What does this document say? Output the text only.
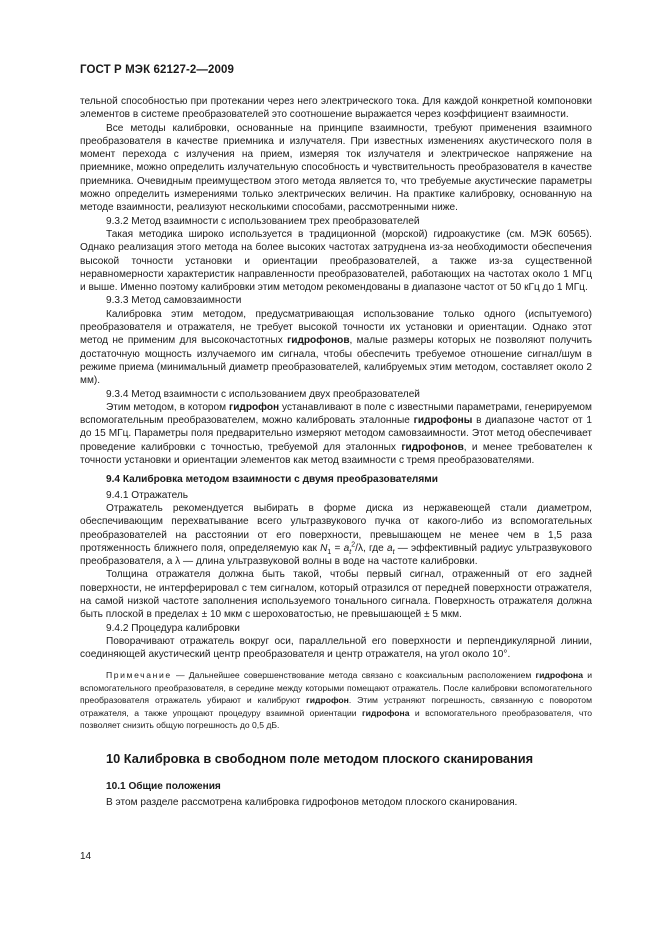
ГОСТ Р МЭК 62127-2—2009

тельной способностью при протекании через него электрического тока. Для каждой конкретной компоновки элементов в системе преобразователей это соотношение выражается через коэффициент взаимности.

Все методы калибровки, основанные на принципе взаимности, требуют применения взаимного преобразователя в качестве приемника и излучателя. При известных изменениях акустического поля в момент перехода с излучения на прием, измеряя ток излучателя и электрическое напряжение на приемнике, можно определить излучательную способность и чувствительность преобразователя в качестве приемника. Очевидным преимуществом этого метода является то, что требуемые акустические параметры можно определить измерениями только электрических величин. На практике калибровку, основанную на методе взаимности, реализуют несколькими способами, рассмотренными ниже.

9.3.2 Метод взаимности с использованием трех преобразователей

Такая методика широко используется в традиционной (морской) гидроакустике (см. МЭК 60565). Однако реализация этого метода на более высоких частотах затруднена из-за необходимости обеспечения высокой точности установки и ориентации преобразователей, а также из-за существенной неравномерности характеристик направленности преобразователей, работающих на частотах около 1 МГц и выше. Именно поэтому калибровки этим методом рекомендованы в диапазоне частот от 50 кГц до 1 МГц.

9.3.3 Метод самовзаимности

Калибровка этим методом, предусматривающая использование только одного (испытуемого) преобразователя и отражателя, не требует высокой точности их установки и ориентации. Однако этот метод не применим для высокочастотных гидрофонов, малые размеры которых не позволяют получить достаточную мощность излучаемого им сигнала, чтобы обеспечить требуемое отношение сигнал/шум в режиме приема (минимальный диаметр преобразователей, калибруемых этим методом, составляет около 2 мм).

9.3.4 Метод взаимности с использованием двух преобразователей

Этим методом, в котором гидрофон устанавливают в поле с известными параметрами, генерируемом вспомогательным преобразователем, можно калибровать эталонные гидрофоны в диапазоне частот от 1 до 15 МГц. Параметры поля предварительно измеряют методом самовзаимности. Этот метод обеспечивает проведение калибровки с точностью, требуемой для эталонных гидрофонов, и менее требователен к точности установки и ориентации элементов как метод взаимности с тремя преобразователями.

9.4 Калибровка методом взаимности с двумя преобразователями

9.4.1 Отражатель

Отражатель рекомендуется выбирать в форме диска из нержавеющей стали диаметром, обеспечивающим перехватывание всего ультразвукового пучка от какого-либо из вспомогательных преобразователей на расстоянии от его поверхности, превышающем не менее чем в 1,5 раза протяженность ближнего поля, определяемую как $N_1 = a_t^2/\lambda$, где $a_t$ — эффективный радиус ультразвукового преобразователя, а λ — длина ультразвуковой волны в воде на частоте калибровки.

Толщина отражателя должна быть такой, чтобы первый сигнал, отраженный от его задней поверхности, не интерферировал с тем сигналом, который отразился от передней поверхности отражателя, на самой низкой частоте заполнения используемого тонального сигнала. Поверхность отражателя должна быть плоской в пределах ± 10 мкм с шероховатостью, не превышающей ± 5 мкм.

9.4.2 Процедура калибровки

Поворачивают отражатель вокруг оси, параллельной его поверхности и перпендикулярной линии, соединяющей акустический центр преобразователя и центр отражателя, на угол около 10°.

Примечание — Дальнейшее совершенствование метода связано с коаксиальным расположением гидрофона и вспомогательного преобразователя, в середине между которыми помещают отражатель. После калибровки вспомогательного преобразователя отражатель убирают и калибруют гидрофон. Этим устраняют погрешность, связанную с поворотом отражателя, а также упрощают процедуру взаимной ориентации гидрофона и вспомогательного преобразователя, что позволяет снизить общую погрешность до 0,5 дБ.

10 Калибровка в свободном поле методом плоского сканирования

10.1 Общие положения

В этом разделе рассмотрена калибровка гидрофонов методом плоского сканирования.

14
